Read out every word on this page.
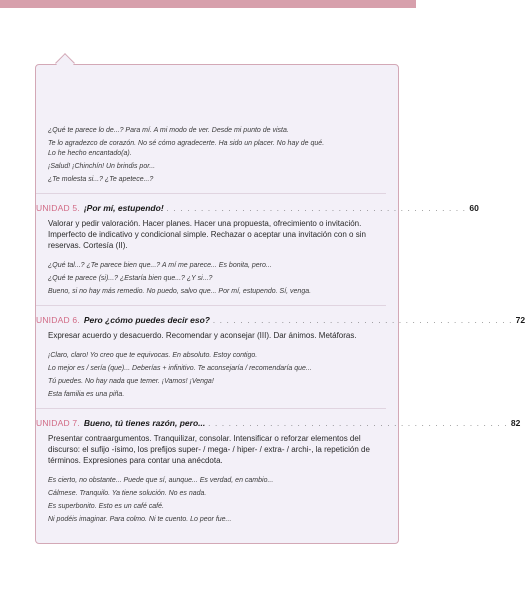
¿Qué te parece lo de...? Para mí. A mi modo de ver. Desde mi punto de vista.

Te lo agradezco de corazón. No sé cómo agradecerte. Ha sido un placer. No hay de qué.

Lo he hecho encantado(a).

¡Salud! ¡Chinchín! Un brindis por...

¿Te molesta si...? ¿Te apetece...?

UNIDAD 5. ¡Por mí, estupendo! . . . . . . . . . . . . . . . . . . . . . . . . . . . . . . . . . . . . . . . . . . . . 60

Valorar y pedir valoración. Hacer planes. Hacer una propuesta, ofrecimiento o invitación. Imperfecto de indicativo y condicional simple. Rechazar o aceptar una invitación con o sin reservas. Cortesía (II).

¿Qué tal...? ¿Te parece bien que...? A mí me parece... Es bonita, pero...

¿Qué te parece (si)...? ¿Estaría bien que...? ¿Y si...?

Bueno, si no hay más remedio. No puedo, salvo que... Por mí, estupendo. Sí, venga.

UNIDAD 6. Pero ¿cómo puedes decir eso? . . . . . . . . . . . . . . . . . . . . . . . . . . . . . . . . . . . . . . . . . . . . 72

Expresar acuerdo y desacuerdo. Recomendar y aconsejar (III). Dar ánimos. Metáforas.

¡Claro, claro! Yo creo que te equivocas. En absoluto. Estoy contigo.

Lo mejor es / sería (que)... Deberías + infinitivo. Te aconsejaría / recomendaría que...

Tú puedes. No hay nada que temer. ¡Vamos! ¡Venga!

Esta familia es una piña.

UNIDAD 7. Bueno, tú tienes razón, pero... . . . . . . . . . . . . . . . . . . . . . . . . . . . . . . . . . . . . . . . . . . . . 82

Presentar contraargumentos. Tranquilizar, consolar. Intensificar o reforzar elementos del discurso: el sufijo -ísimo, los prefijos super- / mega- / hiper- / extra- / archi-, la repetición de términos. Expresiones para contar una anécdota.

Es cierto, no obstante... Puede que sí, aunque... Es verdad, en cambio...

Cálmese. Tranquilo. Ya tiene solución. No es nada.

Es superbonito. Esto es un café café.

Ni podéis imaginar. Para colmo. Ni te cuento. Lo peor fue...
